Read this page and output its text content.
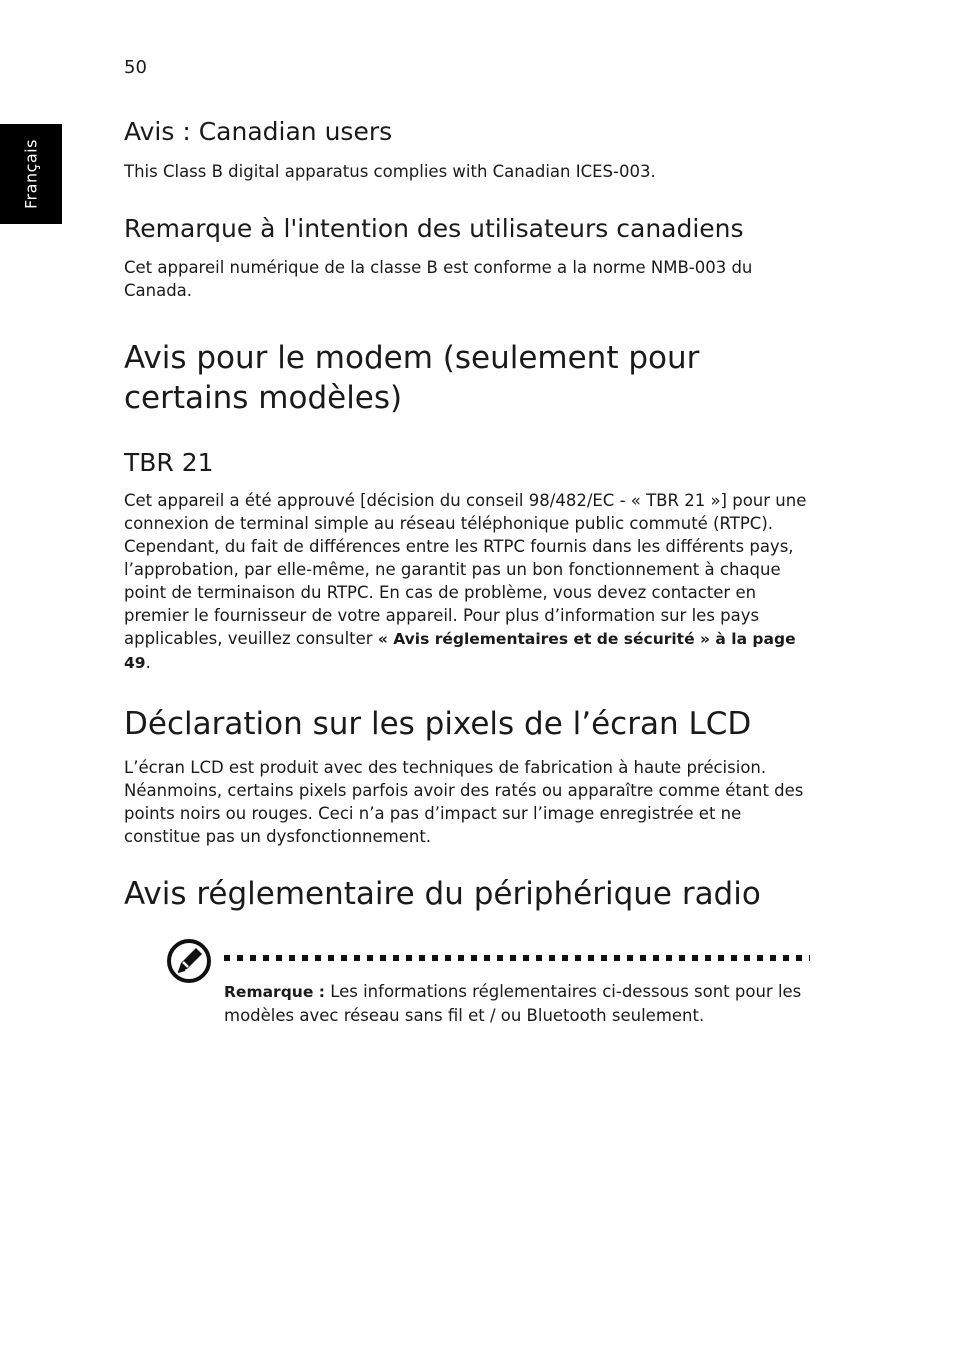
50
Français
Avis : Canadian users

This Class B digital apparatus complies with Canadian ICES-003.

Remarque à l'intention des utilisateurs canadiens

Cet appareil numérique de la classe B est conforme a la norme NMB-003 du Canada.

Avis pour le modem (seulement pour certains modèles)
TBR 21

Cet appareil a été approuvé [décision du conseil 98/482/EC - « TBR 21 »] pour une connexion de terminal simple au réseau téléphonique public commuté (RTPC). Cependant, du fait de différences entre les RTPC fournis dans les différents pays, l’approbation, par elle-même, ne garantit pas un bon fonctionnement à chaque point de terminaison du RTPC. En cas de problème, vous devez contacter en premier le fournisseur de votre appareil. Pour plus d’information sur les pays applicables, veuillez consulter « Avis réglementaires et de sécurité » à la page 49.

Déclaration sur les pixels de l’écran LCD

L’écran LCD est produit avec des techniques de fabrication à haute précision. Néanmoins, certains pixels parfois avoir des ratés ou apparaître comme étant des points noirs ou rouges. Ceci n’a pas d’impact sur l’image enregistrée et ne constitue pas un dysfonctionnement.

Avis réglementaire du périphérique radio

Remarque : Les informations réglementaires ci-dessous sont pour les modèles avec réseau sans fil et / ou Bluetooth seulement.
